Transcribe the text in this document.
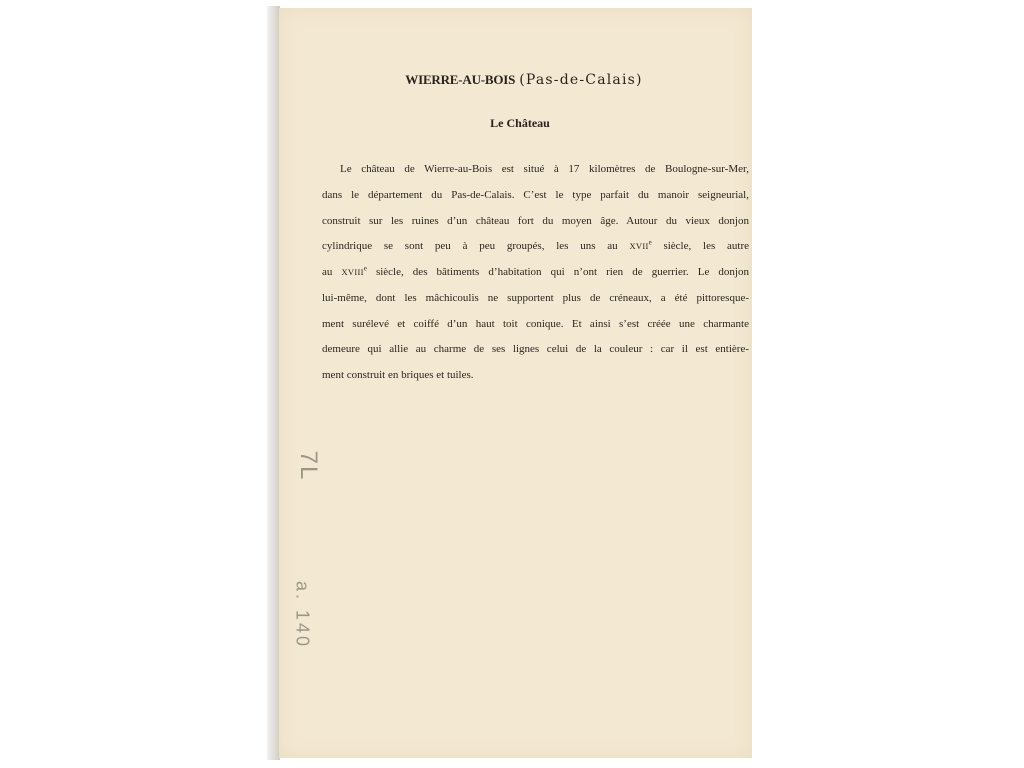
WIERRE-AU-BOIS (Pas-de-Calais)
Le Château
Le château de Wierre-au-Bois est situé à 17 kilomètres de Boulogne-sur-Mer,
dans le département du Pas-de-Calais. C’est le type parfait du manoir seigneurial,
construit sur les ruines d’un château fort du moyen âge. Autour du vieux donjon
cylindrique se sont peu à peu groupés, les uns au XVIIe siècle, les autre
au XVIIIe siècle, des bâtiments d’habitation qui n’ont rien de guerrier. Le donjon
lui-même, dont les mâchicoulis ne supportent plus de créneaux, a été pittoresque-
ment surélevé et coiffé d’un haut toit conique. Et ainsi s’est créée une charmante
demeure qui allie au charme de ses lignes celui de la couleur : car il est entière-
ment construit en briques et tuiles.
7L
a. 140
